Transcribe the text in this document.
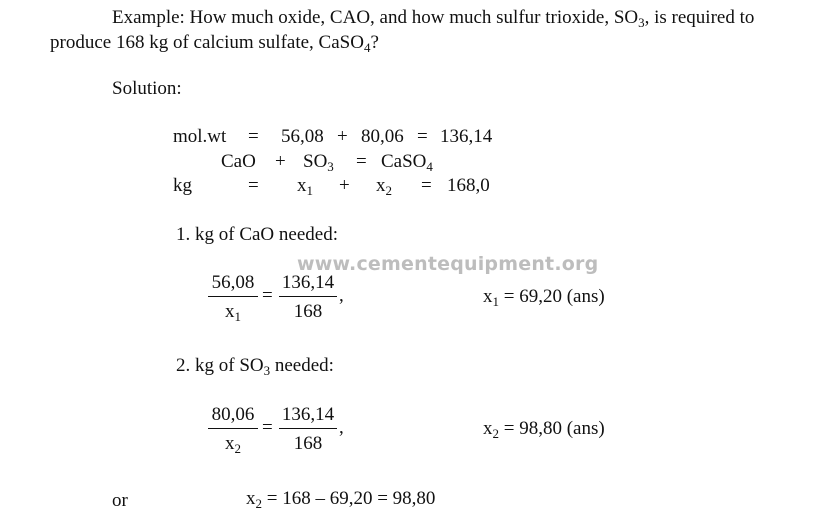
Example: How much oxide, CAO, and how much sulfur trioxide, $SO_3$, is required to
produce 168 kg of calcium sulfate, CaSO$_4$?
Solution:
mol.wt = 56,08 + 80,06 = 136,14
CaO + $SO_3$ = CaSO$_4$
kg	= $x_1 + x_2 = 168,0$
1. kg of CaO needed:
56,08
$x_1$
=
136,14
168
,	$x_1 = 69,20$ (ans)
2. kg of $SO_3$ needed:
80,06
$x_2$
=
136,14
168
,	$x_2 = 98,80$ (ans)
or	$x_2 = 168 - 69,20 = 98,80$
www.cementequipment.org
